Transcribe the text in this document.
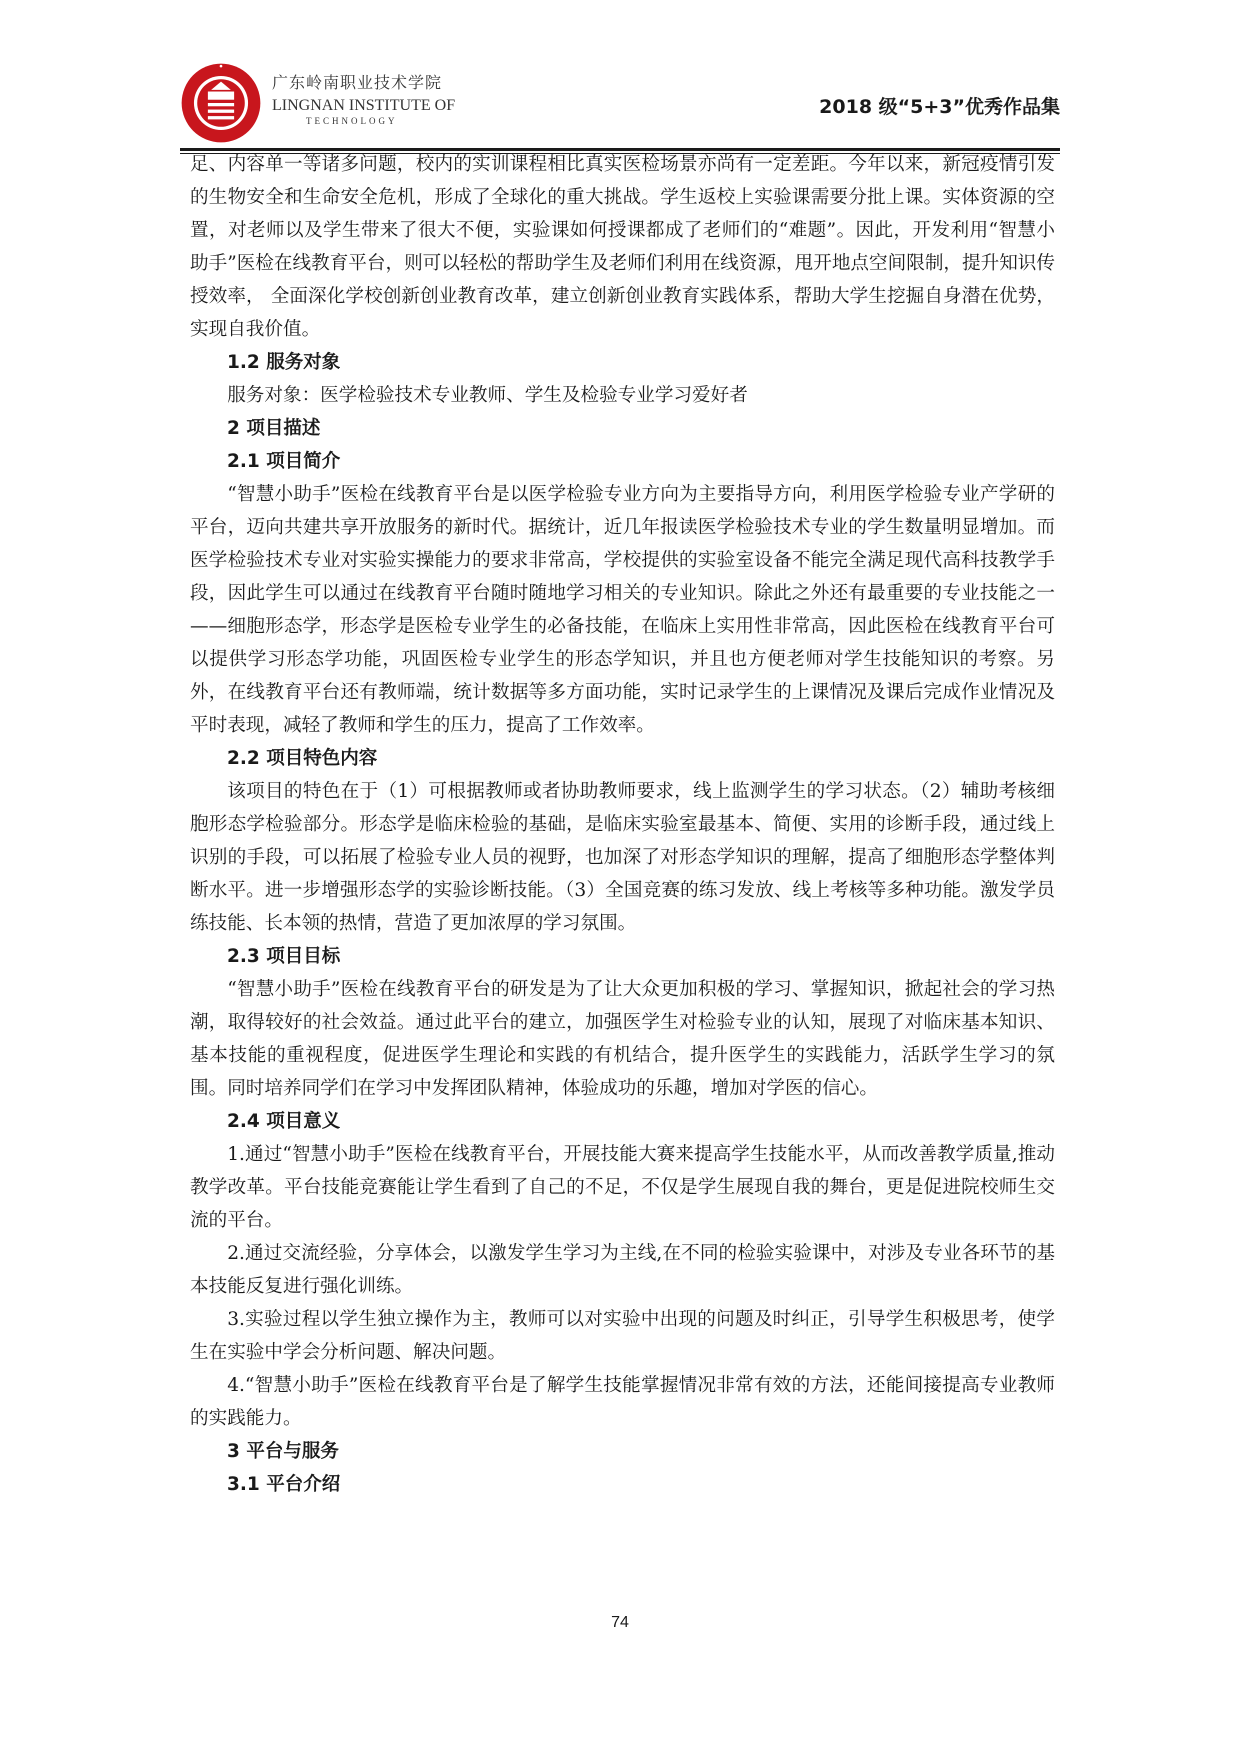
广东岭南职业技术学院
LINGNAN INSTITUTE OF
TECHNOLOGY
2018 级“5+3”优秀作品集

足、内容单一等诸多问题，校内的实训课程相比真实医检场景亦尚有一定差距。今年以来，新冠疫情引发的生物安全和生命安全危机，形成了全球化的重大挑战。学生返校上实验课需要分批上课。实体资源的空置，对老师以及学生带来了很大不便，实验课如何授课都成了老师们的“难题”。因此，开发利用“智慧小助手”医检在线教育平台，则可以轻松的帮助学生及老师们利用在线资源，甩开地点空间限制，提升知识传授效率， 全面深化学校创新创业教育改革，建立创新创业教育实践体系，帮助大学生挖掘自身潜在优势，实现自我价值。

1.2 服务对象

服务对象：医学检验技术专业教师、学生及检验专业学习爱好者

2 项目描述

2.1 项目简介

“智慧小助手”医检在线教育平台是以医学检验专业方向为主要指导方向，利用医学检验专业产学研的平台，迈向共建共享开放服务的新时代。据统计，近几年报读医学检验技术专业的学生数量明显增加。而医学检验技术专业对实验实操能力的要求非常高，学校提供的实验室设备不能完全满足现代高科技教学手段，因此学生可以通过在线教育平台随时随地学习相关的专业知识。除此之外还有最重要的专业技能之一——细胞形态学，形态学是医检专业学生的必备技能，在临床上实用性非常高，因此医检在线教育平台可以提供学习形态学功能，巩固医检专业学生的形态学知识，并且也方便老师对学生技能知识的考察。另外，在线教育平台还有教师端，统计数据等多方面功能，实时记录学生的上课情况及课后完成作业情况及平时表现，减轻了教师和学生的压力，提高了工作效率。

2.2 项目特色内容

该项目的特色在于（1）可根据教师或者协助教师要求，线上监测学生的学习状态。（2）辅助考核细胞形态学检验部分。形态学是临床检验的基础，是临床实验室最基本、简便、实用的诊断手段，通过线上识别的手段，可以拓展了检验专业人员的视野，也加深了对形态学知识的理解，提高了细胞形态学整体判断水平。进一步增强形态学的实验诊断技能。（3）全国竞赛的练习发放、线上考核等多种功能。激发学员练技能、长本领的热情，营造了更加浓厚的学习氛围。

2.3 项目目标

“智慧小助手”医检在线教育平台的研发是为了让大众更加积极的学习、掌握知识，掀起社会的学习热潮，取得较好的社会效益。通过此平台的建立，加强医学生对检验专业的认知，展现了对临床基本知识、基本技能的重视程度，促进医学生理论和实践的有机结合，提升医学生的实践能力，活跃学生学习的氛围。同时培养同学们在学习中发挥团队精神，体验成功的乐趣，增加对学医的信心。

2.4 项目意义

1.通过“智慧小助手”医检在线教育平台，开展技能大赛来提高学生技能水平，从而改善教学质量,推动教学改革。平台技能竞赛能让学生看到了自己的不足，不仅是学生展现自我的舞台，更是促进院校师生交流的平台。

2.通过交流经验，分享体会，以激发学生学习为主线,在不同的检验实验课中，对涉及专业各环节的基本技能反复进行强化训练。

3.实验过程以学生独立操作为主，教师可以对实验中出现的问题及时纠正，引导学生积极思考，使学生在实验中学会分析问题、解决问题。

4.“智慧小助手”医检在线教育平台是了解学生技能掌握情况非常有效的方法，还能间接提高专业教师的实践能力。

3 平台与服务

3.1 平台介绍

74
